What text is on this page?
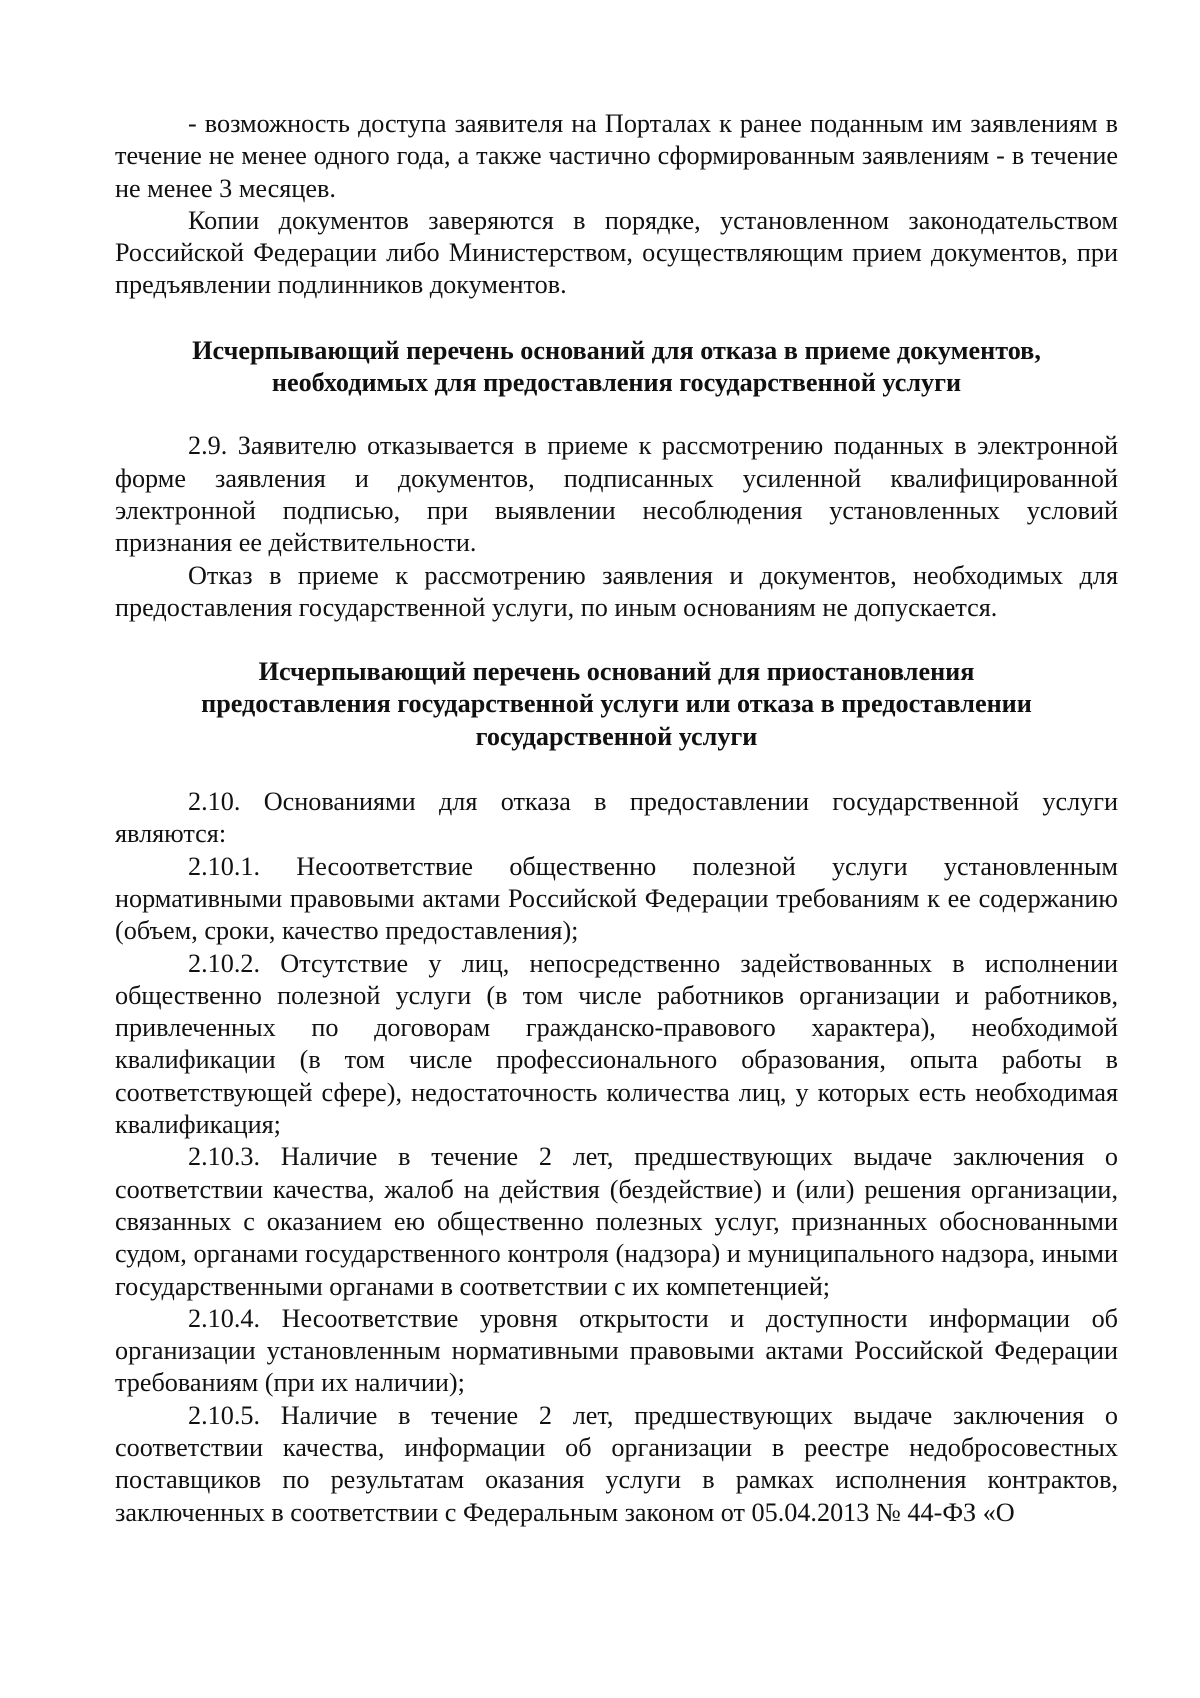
- возможность доступа заявителя на Порталах к ранее поданным им заявлениям в течение не менее одного года, а также частично сформированным заявлениям - в течение не менее 3 месяцев.

Копии документов заверяются в порядке, установленном законодательством Российской Федерации либо Министерством, осуществляющим прием документов, при предъявлении подлинников документов.

Исчерпывающий перечень оснований для отказа в приеме документов,
необходимых для предоставления государственной услуги

2.9. Заявителю отказывается в приеме к рассмотрению поданных в электронной форме заявления и документов, подписанных усиленной квалифицированной электронной подписью, при выявлении несоблюдения установленных условий признания ее действительности.

Отказ в приеме к рассмотрению заявления и документов, необходимых для предоставления государственной услуги, по иным основаниям не допускается.

Исчерпывающий перечень оснований для приостановления
предоставления государственной услуги или отказа в предоставлении
государственной услуги

2.10. Основаниями для отказа в предоставлении государственной услуги являются:

2.10.1. Несоответствие общественно полезной услуги установленным нормативными правовыми актами Российской Федерации требованиям к ее содержанию (объем, сроки, качество предоставления);

2.10.2. Отсутствие у лиц, непосредственно задействованных в исполнении общественно полезной услуги (в том числе работников организации и работников, привлеченных по договорам гражданско-правового характера), необходимой квалификации (в том числе профессионального образования, опыта работы в соответствующей сфере), недостаточность количества лиц, у которых есть необходимая квалификация;

2.10.3. Наличие в течение 2 лет, предшествующих выдаче заключения о соответствии качества, жалоб на действия (бездействие) и (или) решения организации, связанных с оказанием ею общественно полезных услуг, признанных обоснованными судом, органами государственного контроля (надзора) и муниципального надзора, иными государственными органами в соответствии с их компетенцией;

2.10.4. Несоответствие уровня открытости и доступности информации об организации установленным нормативными правовыми актами Российской Федерации требованиям (при их наличии);

2.10.5. Наличие в течение 2 лет, предшествующих выдаче заключения о соответствии качества, информации об организации в реестре недобросовестных поставщиков по результатам оказания услуги в рамках исполнения контрактов, заключенных в соответствии с Федеральным законом от 05.04.2013 № 44-ФЗ «О
